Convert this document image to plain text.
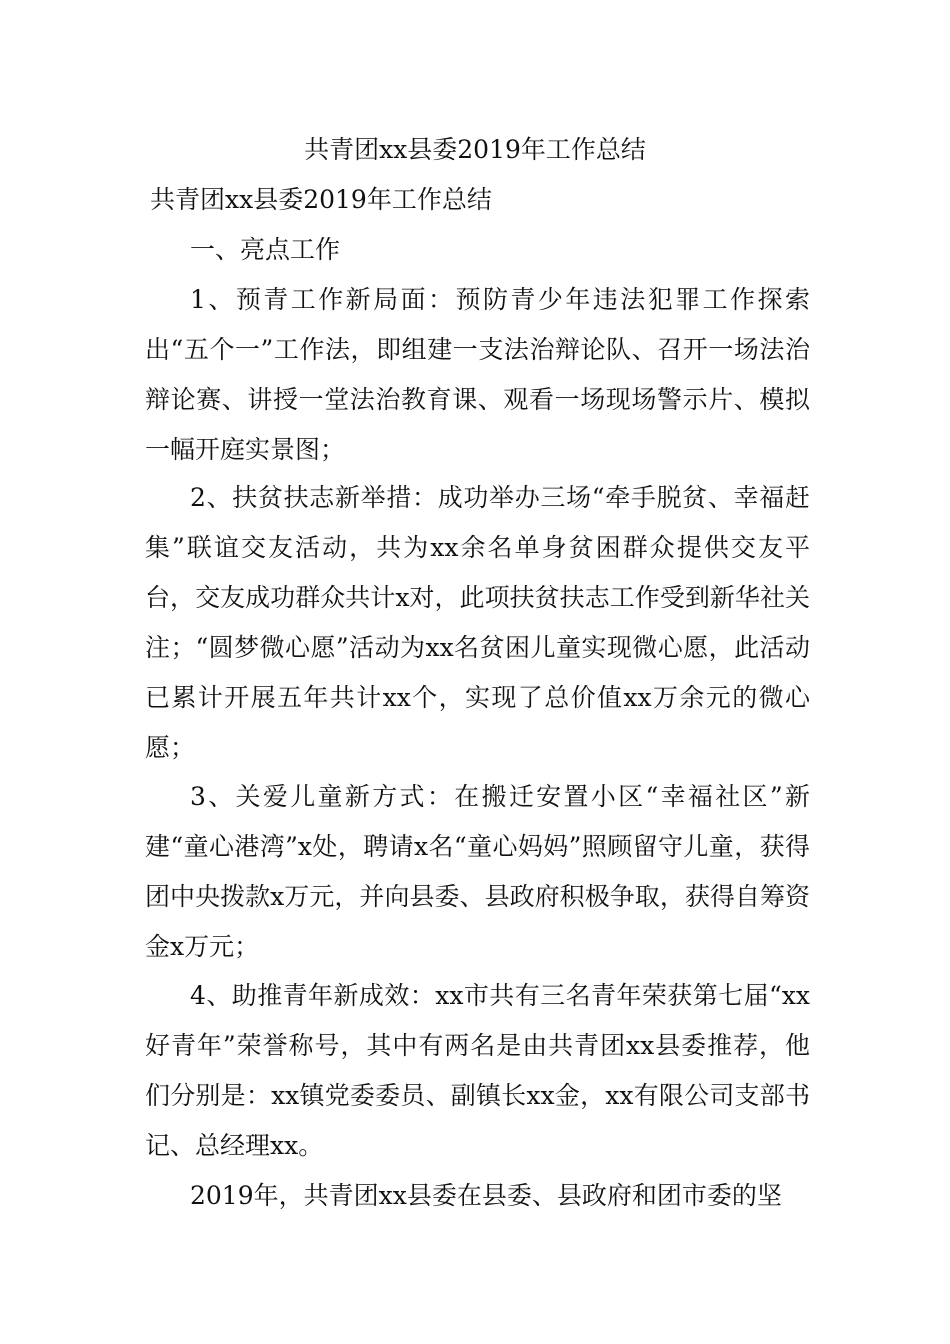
共青团xx县委2019年工作总结
共青团xx县委2019年工作总结
一、亮点工作

1、预青工作新局面：预防青少年违法犯罪工作探索出“五个一”工作法，即组建一支法治辩论队、召开一场法治辩论赛、讲授一堂法治教育课、观看一场现场警示片、模拟一幅开庭实景图；

2、扶贫扶志新举措：成功举办三场“牵手脱贫、幸福赶集”联谊交友活动，共为xx余名单身贫困群众提供交友平台，交友成功群众共计x对，此项扶贫扶志工作受到新华社关注；“圆梦微心愿”活动为xx名贫困儿童实现微心愿，此活动已累计开展五年共计xx个，实现了总价值xx万余元的微心愿；

3、关爱儿童新方式：在搬迁安置小区“幸福社区”新建“童心港湾”x处，聘请x名“童心妈妈”照顾留守儿童，获得团中央拨款x万元，并向县委、县政府积极争取，获得自筹资金x万元；

4、助推青年新成效：xx市共有三名青年荣获第七届“xx好青年”荣誉称号，其中有两名是由共青团xx县委推荐，他们分别是：xx镇党委委员、副镇长xx金，xx有限公司支部书记、总经理xx。

2019年，共青团xx县委在县委、县政府和团市委的坚
